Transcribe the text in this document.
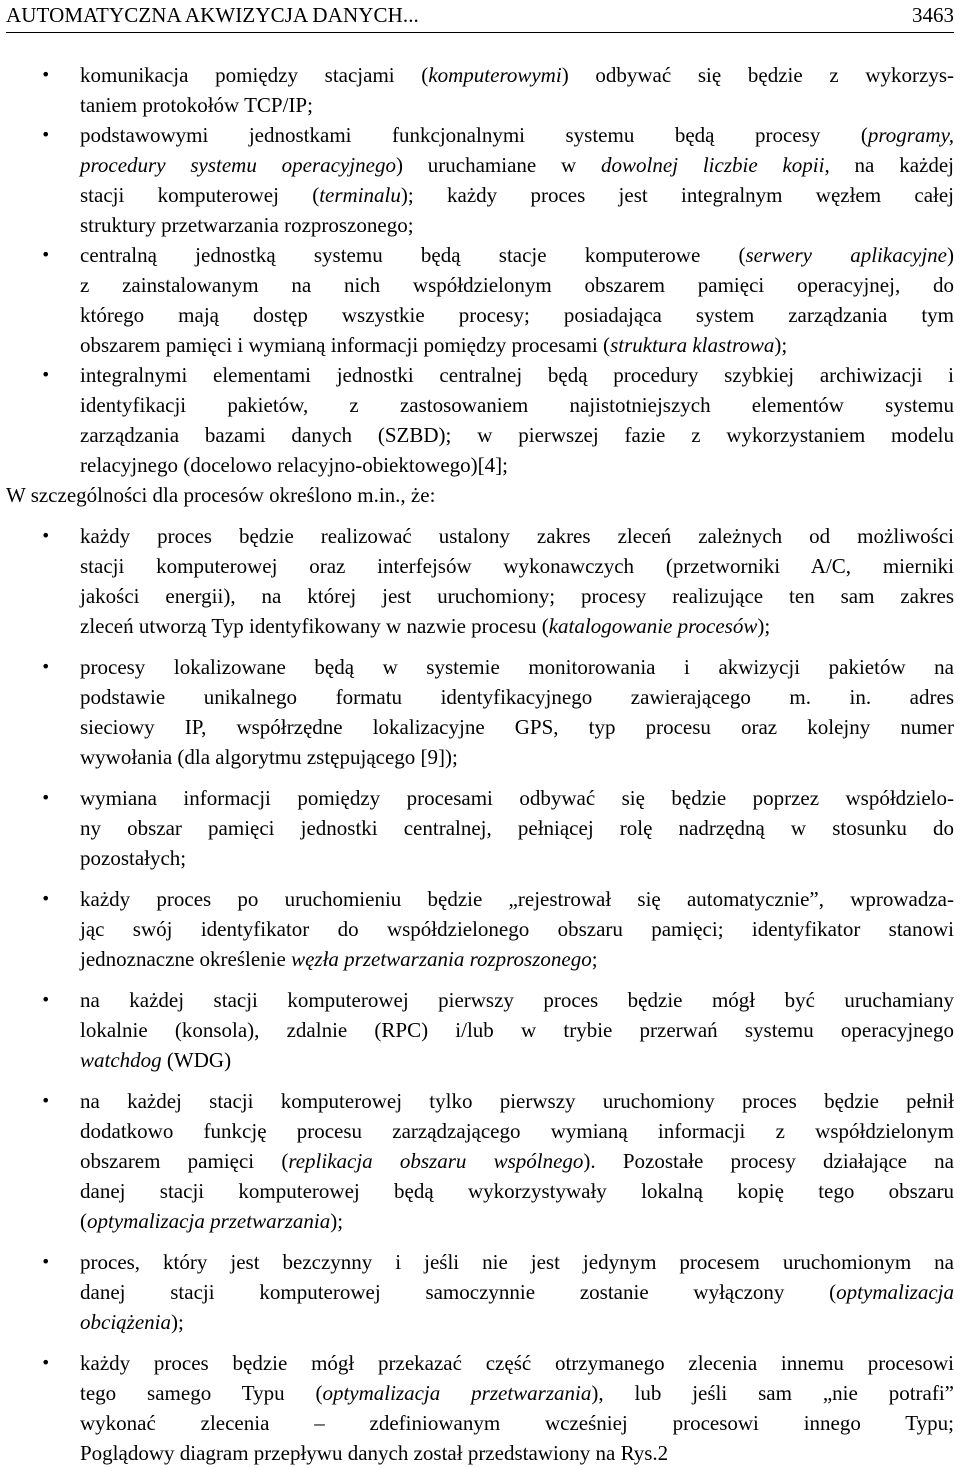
AUTOMATYCZNA AKWIZYCJA DANYCH...	3463
• komunikacja pomiędzy stacjami (komputerowymi) odbywać się będzie z wykorzys-
taniem protokołów TCP/IP;
• podstawowymi jednostkami funkcjonalnymi systemu będą procesy (programy,
procedury systemu operacyjnego) uruchamiane w dowolnej liczbie kopii, na każdej
stacji komputerowej (terminalu); każdy proces jest integralnym węzłem całej
struktury przetwarzania rozproszonego;
• centralną jednostką systemu będą stacje komputerowe (serwery aplikacyjne)
z zainstalowanym na nich współdzielonym obszarem pamięci operacyjnej, do
którego mają dostęp wszystkie procesy; posiadająca system zarządzania tym
obszarem pamięci i wymianą informacji pomiędzy procesami (struktura klastrowa);
• integralnymi elementami jednostki centralnej będą procedury szybkiej archiwizacji i
identyfikacji pakietów, z zastosowaniem najistotniejszych elementów systemu
zarządzania bazami danych (SZBD); w pierwszej fazie z wykorzystaniem modelu
relacyjnego (docelowo relacyjno-obiektowego)[4];
W szczególności dla procesów określono m.in., że:
• każdy proces będzie realizować ustalony zakres zleceń zależnych od możliwości
stacji komputerowej oraz interfejsów wykonawczych (przetworniki A/C, mierniki
jakości energii), na której jest uruchomiony; procesy realizujące ten sam zakres
zleceń utworzą Typ identyfikowany w nazwie procesu (katalogowanie procesów);
• procesy lokalizowane będą w systemie monitorowania i akwizycji pakietów na
podstawie unikalnego formatu identyfikacyjnego zawierającego m. in. adres
sieciowy IP, współrzędne lokalizacyjne GPS, typ procesu oraz kolejny numer
wywołania (dla algorytmu zstępującego [9]);
• wymiana informacji pomiędzy procesami odbywać się będzie poprzez współdzielo-
ny obszar pamięci jednostki centralnej, pełniącej rolę nadrzędną w stosunku do
pozostałych;
• każdy proces po uruchomieniu będzie „rejestrował się automatycznie”, wprowadza-
jąc swój identyfikator do współdzielonego obszaru pamięci; identyfikator stanowi
jednoznaczne określenie węzła przetwarzania rozproszonego;
• na każdej stacji komputerowej pierwszy proces będzie mógł być uruchamiany
lokalnie (konsola), zdalnie (RPC) i/lub w trybie przerwań systemu operacyjnego
watchdog (WDG)
• na każdej stacji komputerowej tylko pierwszy uruchomiony proces będzie pełnił
dodatkowo funkcję procesu zarządzającego wymianą informacji z współdzielonym
obszarem pamięci (replikacja obszaru wspólnego). Pozostałe procesy działające na
danej stacji komputerowej będą wykorzystywały lokalną kopię tego obszaru
(optymalizacja przetwarzania);
• proces, który jest bezczynny i jeśli nie jest jedynym procesem uruchomionym na
danej stacji komputerowej samoczynnie zostanie wyłączony (optymalizacja
obciążenia);
• każdy proces będzie mógł przekazać część otrzymanego zlecenia innemu procesowi
tego samego Typu (optymalizacja przetwarzania), lub jeśli sam „nie potrafi”
wykonać zlecenia – zdefiniowanym wcześniej procesowi innego Typu;
Poglądowy diagram przepływu danych został przedstawiony na Rys.2
